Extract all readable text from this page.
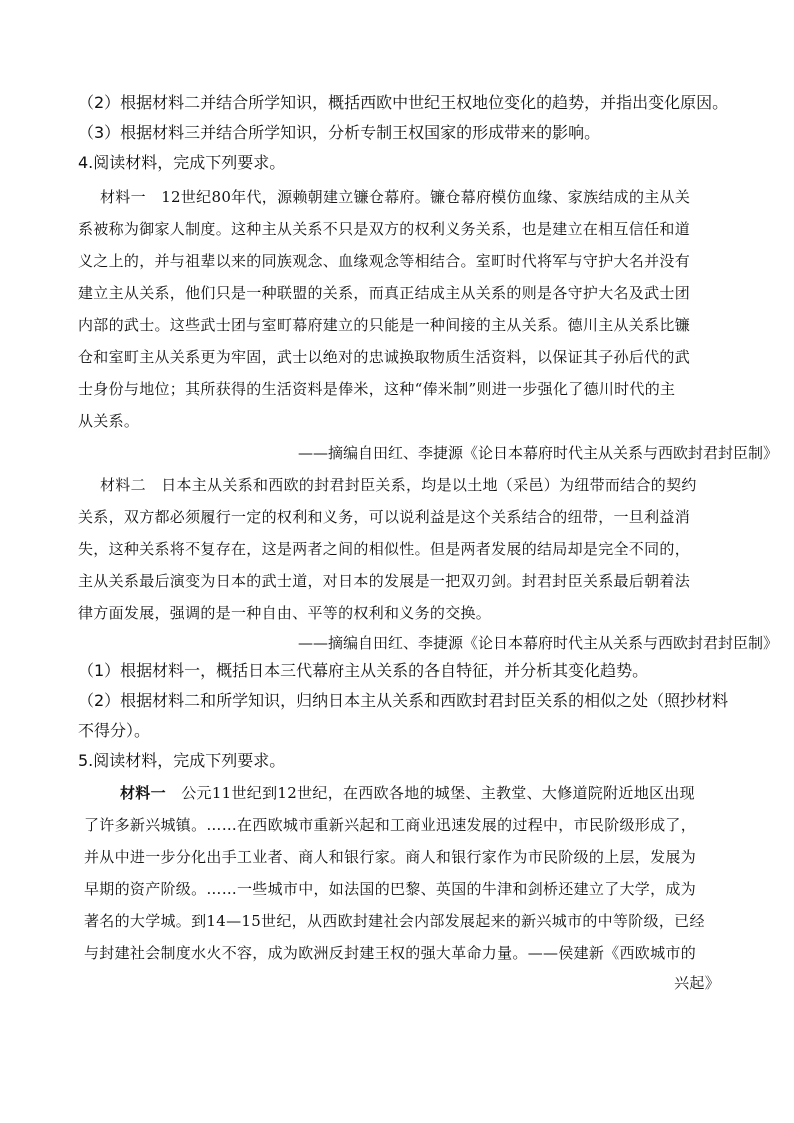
（2）根据材料二并结合所学知识，概括西欧中世纪王权地位变化的趋势，并指出变化原因。
（3）根据材料三并结合所学知识，分析专制王权国家的形成带来的影响。
4.阅读材料，完成下列要求。
材料一　12世纪80年代，源赖朝建立镰仓幕府。镰仓幕府模仿血缘、家族结成的主从关
系被称为御家人制度。这种主从关系不只是双方的权利义务关系，也是建立在相互信任和道
义之上的，并与祖辈以来的同族观念、血缘观念等相结合。室町时代将军与守护大名并没有
建立主从关系，他们只是一种联盟的关系，而真正结成主从关系的则是各守护大名及武士团
内部的武士。这些武士团与室町幕府建立的只能是一种间接的主从关系。德川主从关系比镰
仓和室町主从关系更为牢固，武士以绝对的忠诚换取物质生活资料，以保证其子孙后代的武
士身份与地位；其所获得的生活资料是俸米，这种“俸米制”则进一步强化了德川时代的主
从关系。
——摘编自田红、李捷源《论日本幕府时代主从关系与西欧封君封臣制》
材料二　日本主从关系和西欧的封君封臣关系，均是以土地（采邑）为纽带而结合的契约
关系，双方都必须履行一定的权利和义务，可以说利益是这个关系结合的纽带，一旦利益消
失，这种关系将不复存在，这是两者之间的相似性。但是两者发展的结局却是完全不同的，
主从关系最后演变为日本的武士道，对日本的发展是一把双刃剑。封君封臣关系最后朝着法
律方面发展，强调的是一种自由、平等的权利和义务的交换。
——摘编自田红、李捷源《论日本幕府时代主从关系与西欧封君封臣制》
（1）根据材料一，概括日本三代幕府主从关系的各自特征，并分析其变化趋势。
（2）根据材料二和所学知识，归纳日本主从关系和西欧封君封臣关系的相似之处（照抄材料
不得分）。
5.阅读材料，完成下列要求。
材料一　 公元11世纪到12世纪，在西欧各地的城堡、主教堂、大修道院附近地区出现
了许多新兴城镇。……在西欧城市重新兴起和工商业迅速发展的过程中，市民阶级形成了，
并从中进一步分化出手工业者、商人和银行家。商人和银行家作为市民阶级的上层，发展为
早期的资产阶级。……一些城市中，如法国的巴黎、英国的牛津和剑桥还建立了大学，成为
著名的大学城。到14—15世纪，从西欧封建社会内部发展起来的新兴城市的中等阶级，已经
与封建社会制度水火不容，成为欧洲反封建王权的强大革命力量。——侯建新《西欧城市的
兴起》
